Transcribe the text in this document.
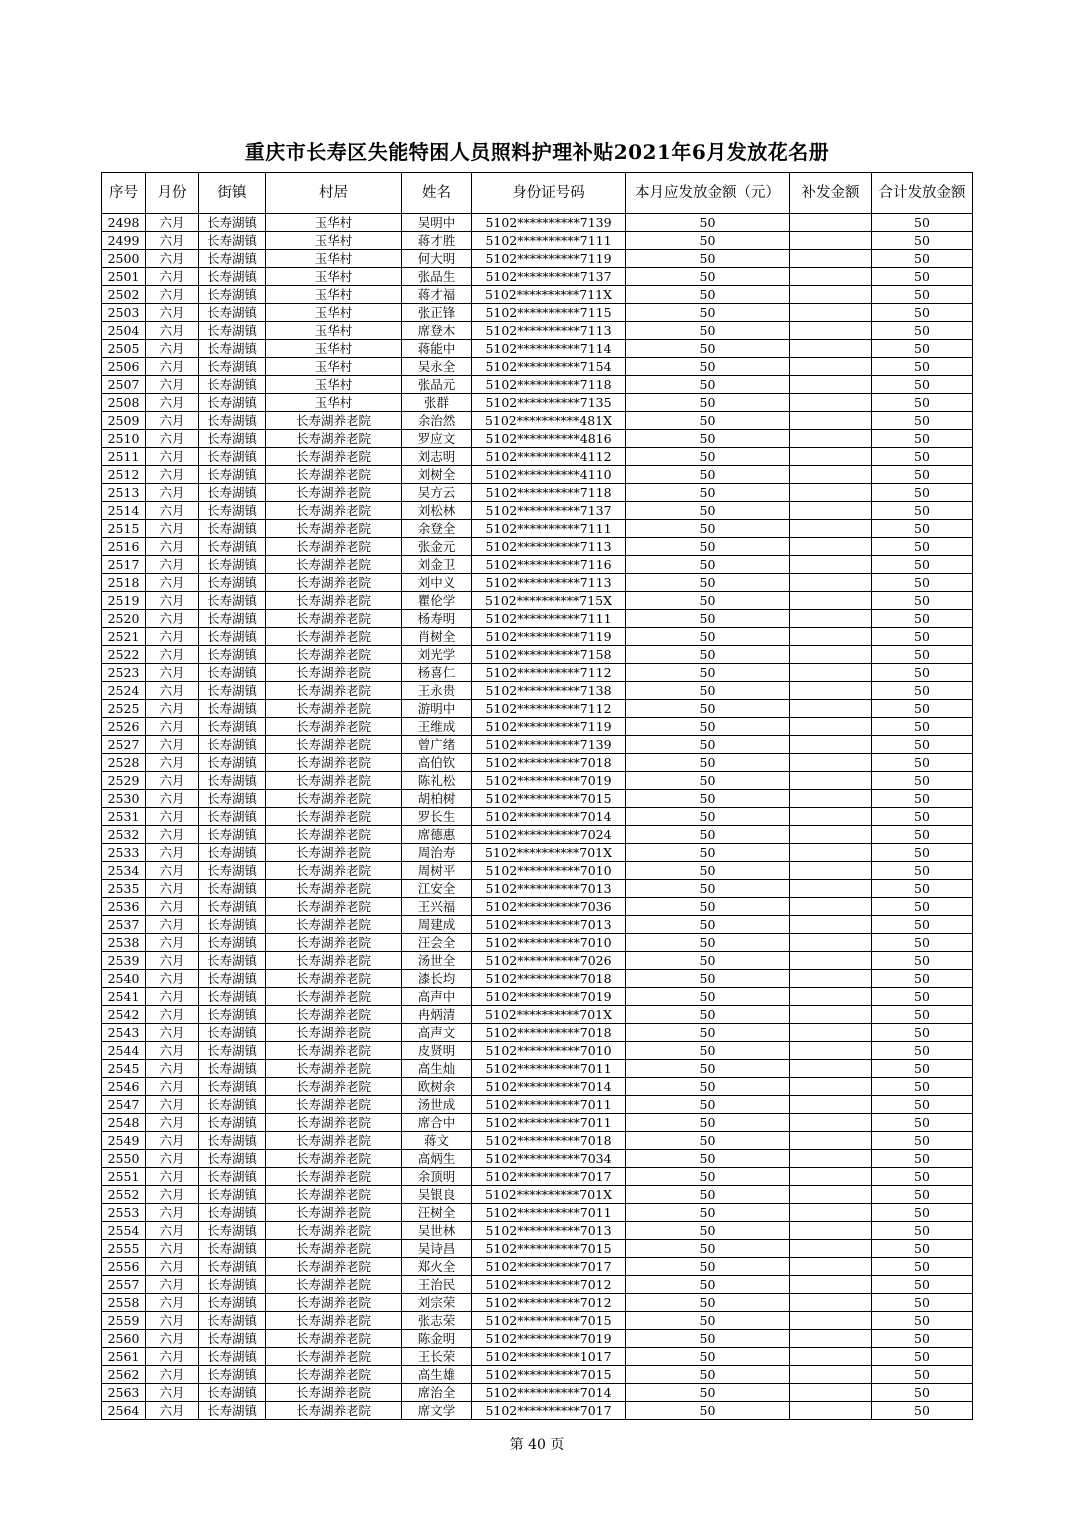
重庆市长寿区失能特困人员照料护理补贴2021年6月发放花名册
序号	月份	街镇	村居	姓名	身份证号码	本月应发放金额（元）	补发金额	合计发放金额
2498	六月	长寿湖镇	玉华村	吴明中	5102**********7139	50		50
2499	六月	长寿湖镇	玉华村	蒋才胜	5102**********7111	50		50
2500	六月	长寿湖镇	玉华村	何大明	5102**********7119	50		50
2501	六月	长寿湖镇	玉华村	张品生	5102**********7137	50		50
2502	六月	长寿湖镇	玉华村	蒋才福	5102**********711X	50		50
2503	六月	长寿湖镇	玉华村	张正锋	5102**********7115	50		50
2504	六月	长寿湖镇	玉华村	席登木	5102**********7113	50		50
2505	六月	长寿湖镇	玉华村	蒋能中	5102**********7114	50		50
2506	六月	长寿湖镇	玉华村	吴永全	5102**********7154	50		50
2507	六月	长寿湖镇	玉华村	张品元	5102**********7118	50		50
2508	六月	长寿湖镇	玉华村	张群	5102**********7135	50		50
2509	六月	长寿湖镇	长寿湖养老院	余治然	5102**********481X	50		50
2510	六月	长寿湖镇	长寿湖养老院	罗应文	5102**********4816	50		50
2511	六月	长寿湖镇	长寿湖养老院	刘志明	5102**********4112	50		50
2512	六月	长寿湖镇	长寿湖养老院	刘树全	5102**********4110	50		50
2513	六月	长寿湖镇	长寿湖养老院	吴方云	5102**********7118	50		50
2514	六月	长寿湖镇	长寿湖养老院	刘松林	5102**********7137	50		50
2515	六月	长寿湖镇	长寿湖养老院	余登全	5102**********7111	50		50
2516	六月	长寿湖镇	长寿湖养老院	张金元	5102**********7113	50		50
2517	六月	长寿湖镇	长寿湖养老院	刘金卫	5102**********7116	50		50
2518	六月	长寿湖镇	长寿湖养老院	刘中义	5102**********7113	50		50
2519	六月	长寿湖镇	长寿湖养老院	瞿伦学	5102**********715X	50		50
2520	六月	长寿湖镇	长寿湖养老院	杨寿明	5102**********7111	50		50
2521	六月	长寿湖镇	长寿湖养老院	肖树全	5102**********7119	50		50
2522	六月	长寿湖镇	长寿湖养老院	刘光学	5102**********7158	50		50
2523	六月	长寿湖镇	长寿湖养老院	杨喜仁	5102**********7112	50		50
2524	六月	长寿湖镇	长寿湖养老院	王永贵	5102**********7138	50		50
2525	六月	长寿湖镇	长寿湖养老院	游明中	5102**********7112	50		50
2526	六月	长寿湖镇	长寿湖养老院	王维成	5102**********7119	50		50
2527	六月	长寿湖镇	长寿湖养老院	曾广绪	5102**********7139	50		50
2528	六月	长寿湖镇	长寿湖养老院	高伯钦	5102**********7018	50		50
2529	六月	长寿湖镇	长寿湖养老院	陈礼松	5102**********7019	50		50
2530	六月	长寿湖镇	长寿湖养老院	胡柏树	5102**********7015	50		50
2531	六月	长寿湖镇	长寿湖养老院	罗长生	5102**********7014	50		50
2532	六月	长寿湖镇	长寿湖养老院	席德惠	5102**********7024	50		50
2533	六月	长寿湖镇	长寿湖养老院	周治寿	5102**********701X	50		50
2534	六月	长寿湖镇	长寿湖养老院	周树平	5102**********7010	50		50
2535	六月	长寿湖镇	长寿湖养老院	江安全	5102**********7013	50		50
2536	六月	长寿湖镇	长寿湖养老院	王兴福	5102**********7036	50		50
2537	六月	长寿湖镇	长寿湖养老院	周建成	5102**********7013	50		50
2538	六月	长寿湖镇	长寿湖养老院	汪会全	5102**********7010	50		50
2539	六月	长寿湖镇	长寿湖养老院	汤世全	5102**********7026	50		50
2540	六月	长寿湖镇	长寿湖养老院	漆长均	5102**********7018	50		50
2541	六月	长寿湖镇	长寿湖养老院	高声中	5102**********7019	50		50
2542	六月	长寿湖镇	长寿湖养老院	冉炳清	5102**********701X	50		50
2543	六月	长寿湖镇	长寿湖养老院	高声文	5102**********7018	50		50
2544	六月	长寿湖镇	长寿湖养老院	皮贤明	5102**********7010	50		50
2545	六月	长寿湖镇	长寿湖养老院	高生灿	5102**********7011	50		50
2546	六月	长寿湖镇	长寿湖养老院	欧树余	5102**********7014	50		50
2547	六月	长寿湖镇	长寿湖养老院	汤世成	5102**********7011	50		50
2548	六月	长寿湖镇	长寿湖养老院	席合中	5102**********7011	50		50
2549	六月	长寿湖镇	长寿湖养老院	蒋文	5102**********7018	50		50
2550	六月	长寿湖镇	长寿湖养老院	高炳生	5102**********7034	50		50
2551	六月	长寿湖镇	长寿湖养老院	余顶明	5102**********7017	50		50
2552	六月	长寿湖镇	长寿湖养老院	吴银良	5102**********701X	50		50
2553	六月	长寿湖镇	长寿湖养老院	汪树全	5102**********7011	50		50
2554	六月	长寿湖镇	长寿湖养老院	吴世林	5102**********7013	50		50
2555	六月	长寿湖镇	长寿湖养老院	吴诗昌	5102**********7015	50		50
2556	六月	长寿湖镇	长寿湖养老院	郑火全	5102**********7017	50		50
2557	六月	长寿湖镇	长寿湖养老院	王治民	5102**********7012	50		50
2558	六月	长寿湖镇	长寿湖养老院	刘宗荣	5102**********7012	50		50
2559	六月	长寿湖镇	长寿湖养老院	张志荣	5102**********7015	50		50
2560	六月	长寿湖镇	长寿湖养老院	陈金明	5102**********7019	50		50
2561	六月	长寿湖镇	长寿湖养老院	王长荣	5102**********1017	50		50
2562	六月	长寿湖镇	长寿湖养老院	高生雄	5102**********7015	50		50
2563	六月	长寿湖镇	长寿湖养老院	席治全	5102**********7014	50		50
2564	六月	长寿湖镇	长寿湖养老院	席文学	5102**********7017	50		50
第 40 页
